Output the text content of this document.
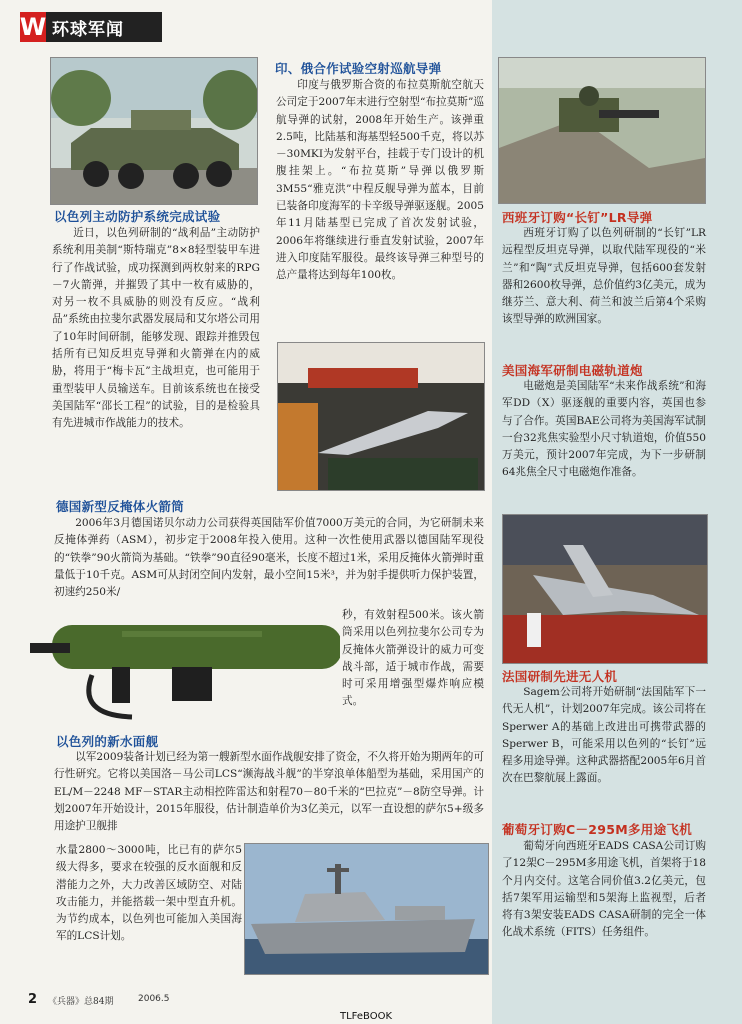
W 环球军闻
以色列主动防护系统完成试验

近日，以色列研制的“战利品”主动防护系统利用美制“斯特瑞克”8×8轻型装甲车进行了作战试验，成功探测到两枚射来的RPG－7火箭弹，并摧毁了其中一枚有威胁的，对另一枚不具威胁的则没有反应。“战利品”系统由拉斐尔武器发展局和艾尔塔公司用了10年时间研制，能够发现、跟踪并推毁包括所有已知反坦克导弹和火箭弹在内的威胁，将用于“梅卡瓦”主战坦克，也可能用于重型装甲人员输送车。目前该系统也在接受美国陆军“邵长工程”的试验，目的是检验具有先进城市作战能力的技术。

印、俄合作试验空射巡航导弹

印度与俄罗斯合资的布拉莫斯航空航天公司定于2007年末进行空射型“布拉莫斯”巡航导弹的试射，2008年开始生产。该弹重2.5吨，比陆基和海基型轻500千克，将以苏－30MKI为发射平台，挂载于专门设计的机腹挂架上。“布拉莫斯”导弹以俄罗斯3M55“雅克洪”中程反舰导弹为蓝本，目前已装备印度海军的卡辛级导弹驱逐舰。2005年11月陆基型已完成了首次发射试验，2006年将继续进行垂直发射试验，2007年进入印度陆军服役。最终该导弹三种型号的总产量将达到每年100枚。

德国新型反掩体火箭筒

2006年3月德国诺贝尔动力公司获得英国陆军价值7000万美元的合同，为它研制未来反掩体弹药（ASM），初步定于2008年投入使用。这种一次性使用武器以德国陆军现役的“铁拳”90火箭筒为基础。“铁拳”90直径90毫米，长度不超过1米，采用反掩体火箭弹时重量低于10千克。ASM可从封闭空间内发射，最小空间15米³，并为射手提供听力保护装置，初速约250米/

秒，有效射程500米。该火箭筒采用以色列拉斐尔公司专为反掩体火箭弹设计的威力可变战斗部，适于城市作战，需要时可采用增强型爆炸响应模式。

以色列的新水面舰

以军2009装备计划已经为第一艘新型水面作战舰安排了资金，不久将开始为期两年的可行性研究。它将以美国洛－马公司LCS“濒海战斗舰”的半穿浪单体船型为基础，采用国产的EL/M－2248 MF－STAR主动相控阵雷达和射程70－80千米的“巴拉克”－8防空导弹。计划2007年开始设计，2015年服役，估计制造单价为3亿美元，以军一直设想的萨尔5+级多用途护卫舰排

水量2800～3000吨，比已有的萨尔5级大得多，要求在较强的反水面舰和反潜能力之外，大力改善区域防空、对陆攻击能力，并能搭载一架中型直升机。为节约成本，以色列也可能加入美国海军的LCS计划。

西班牙订购“长钉”LR导弹

西班牙订购了以色列研制的“长钉”LR远程型反坦克导弹，以取代陆军现役的“米兰”和“陶”式反坦克导弹，包括600套发射器和2600枚导弹，总价值约3亿美元，成为继芬兰、意大利、荷兰和波兰后第4个采购该型导弹的欧洲国家。

美国海军研制电磁轨道炮

电磁炮是美国陆军“未来作战系统”和海军DD（X）驱逐舰的重要内容，英国也参与了合作。英国BAE公司将为美国海军试制一台32兆焦实验型小尺寸轨道炮，价值550万美元，预计2007年完成，为下一步研制64兆焦全尺寸电磁炮作准备。

法国研制先进无人机

Sagem公司将开始研制“法国陆军下一代无人机”，计划2007年完成。该公司将在Sperwer A的基础上改进出可携带武器的Sperwer B，可能采用以色列的“长钉”远程多用途导弹。这种武器搭配2005年6月首次在巴黎航展上露面。

葡萄牙订购C－295M多用途飞机

葡萄牙向西班牙EADS CASA公司订购了12架C－295M多用途飞机，首架将于18个月内交付。这笔合同价值3.2亿美元，包括7架军用运输型和5架海上监视型，后者将有3架安装EADS CASA研制的完全一体化战术系统（FITS）任务组件。

2 《兵器》总84期	2006.5
TLFeBOOK
